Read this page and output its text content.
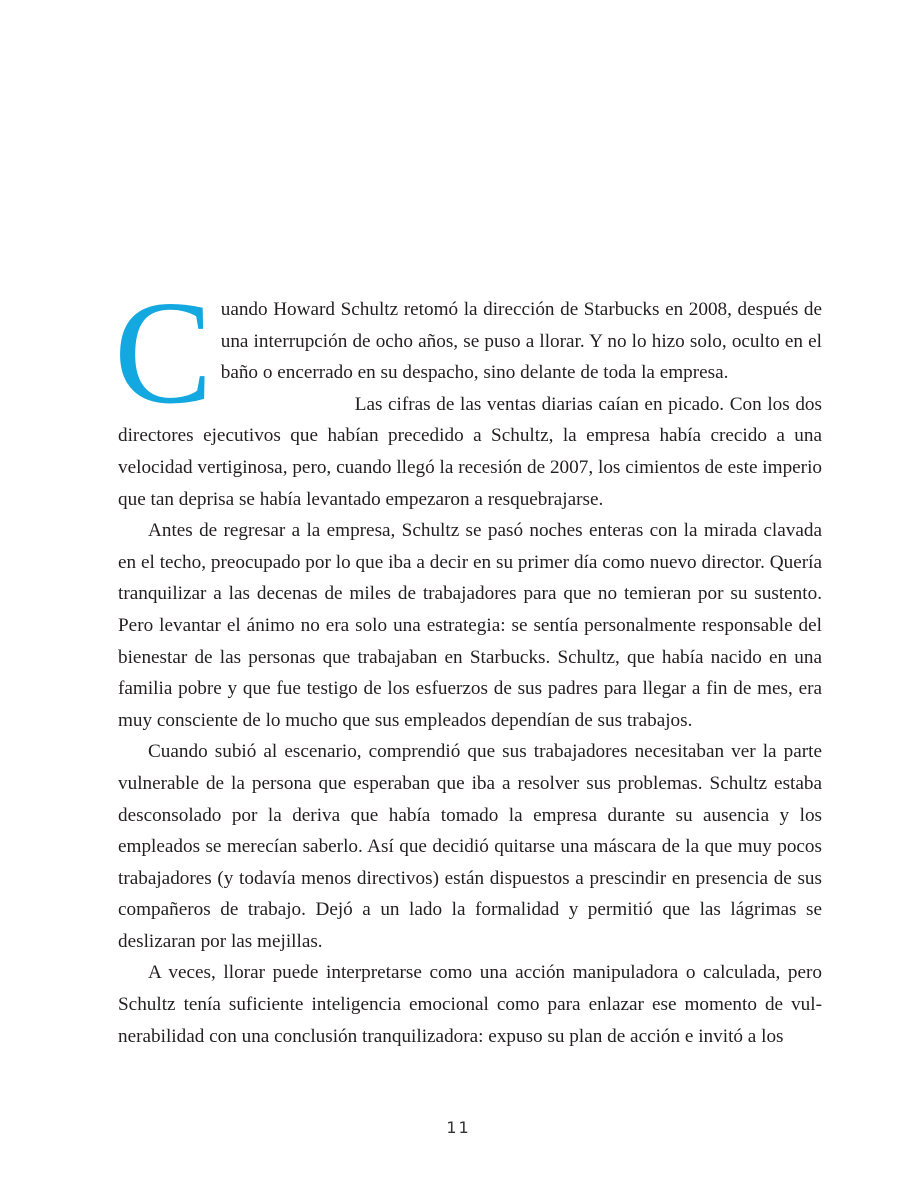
C uando Howard Schultz retomó la dirección de Starbucks en 2008, después de una interrupción de ocho años, se puso a llorar. Y no lo hizo solo, oculto en el baño o encerrado en su despacho, sino delante de toda la empresa.

Las cifras de las ventas diarias caían en picado. Con los dos directores ejecutivos que habían precedido a Schultz, la empresa había crecido a una velocidad vertiginosa, pero, cuando llegó la recesión de 2007, los cimientos de este imperio que tan deprisa se había levantado empezaron a resquebrajarse.

Antes de regresar a la empresa, Schultz se pasó noches enteras con la mirada clavada en el techo, preocupado por lo que iba a decir en su primer día como nuevo director. Quería tranquilizar a las decenas de miles de trabajadores para que no temieran por su sustento. Pero levantar el ánimo no era solo una estrategia: se sentía personalmente responsable del bienestar de las personas que trabajaban en Starbucks. Schultz, que había nacido en una familia pobre y que fue testigo de los esfuerzos de sus padres para llegar a fin de mes, era muy consciente de lo mucho que sus empleados dependían de sus trabajos.

Cuando subió al escenario, comprendió que sus trabajadores necesitaban ver la parte vulnerable de la persona que esperaban que iba a resolver sus problemas. Schultz estaba desconsolado por la deriva que había tomado la empresa durante su ausencia y los empleados se merecían saberlo. Así que decidió quitarse una máscara de la que muy pocos trabajadores (y todavía menos directivos) están dispuestos a prescindir en presencia de sus compañeros de trabajo. Dejó a un lado la formalidad y permitió que las lágrimas se deslizaran por las mejillas.

A veces, llorar puede interpretarse como una acción manipuladora o calculada, pero Schultz tenía suficiente inteligencia emocional como para enlazar ese momento de vulnerabilidad con una conclusión tranquilizadora: expuso su plan de acción e invitó a los

11
